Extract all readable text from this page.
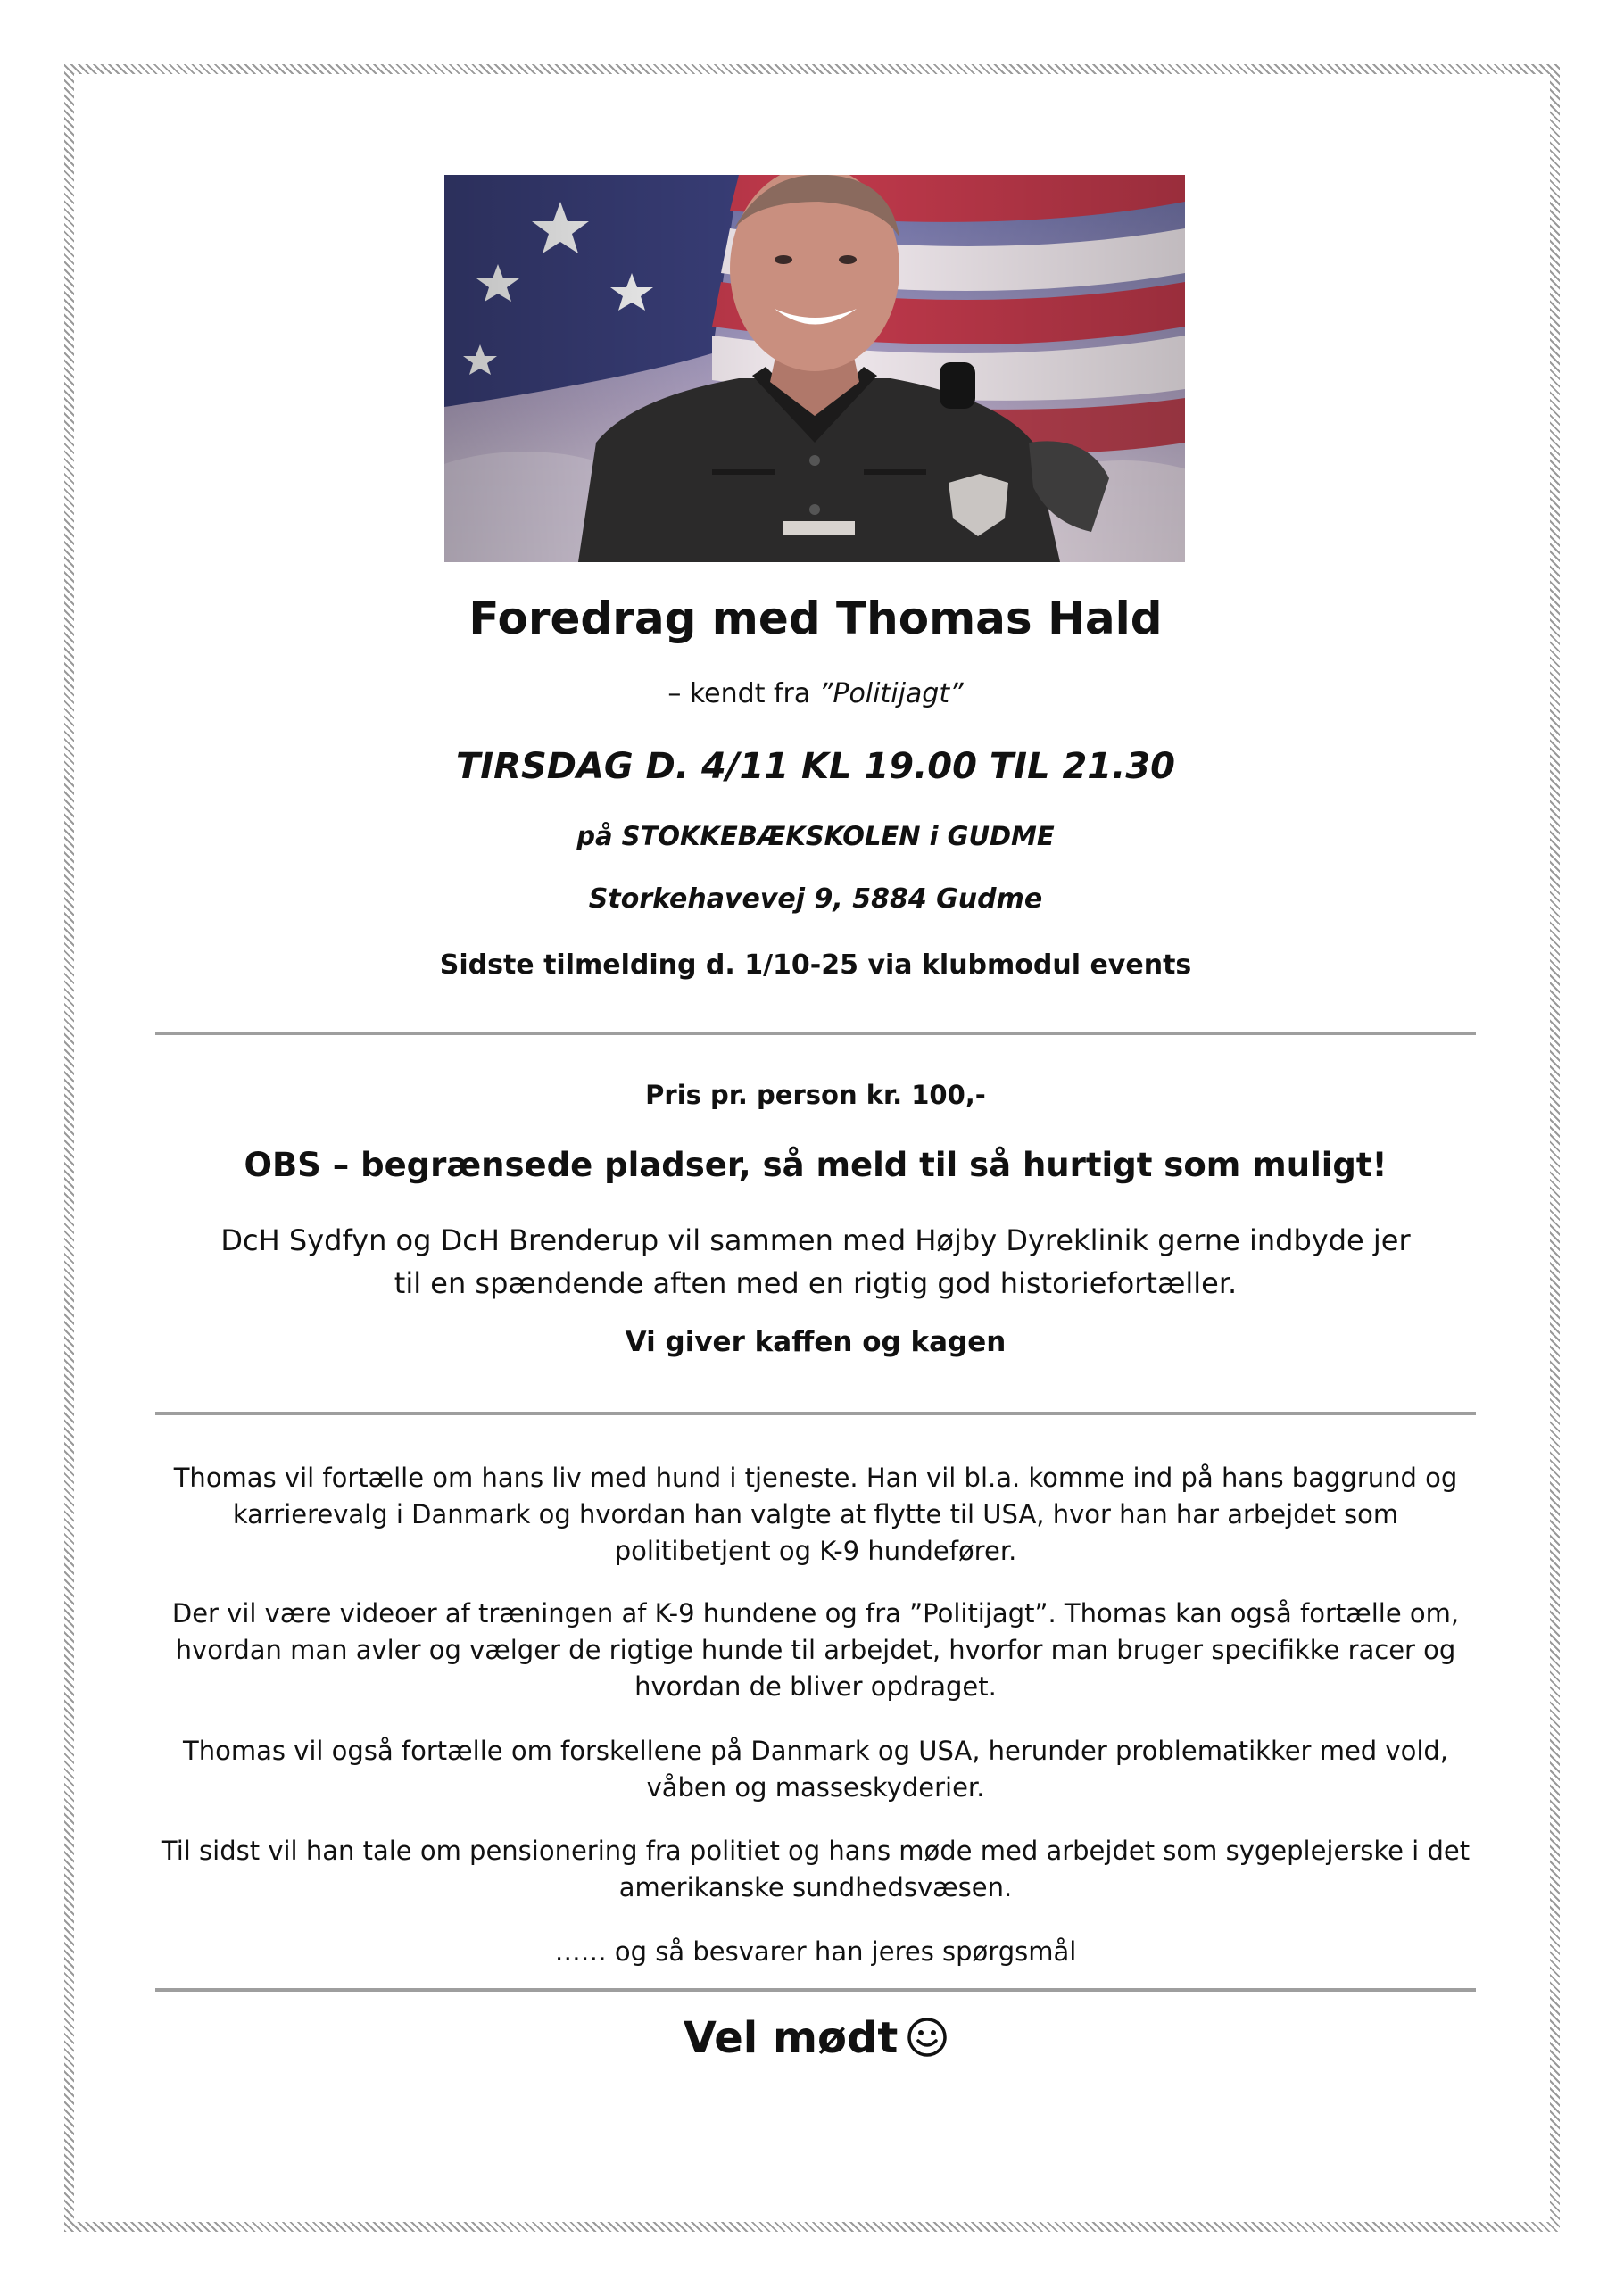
Foredrag med Thomas Hald
– kendt fra ”Politijagt”
TIRSDAG D. 4/11 KL 19.00 TIL 21.30
på STOKKEBÆKSKOLEN i GUDME
Storkehavevej 9, 5884 Gudme
Sidste tilmelding d. 1/10-25 via klubmodul events
Pris pr. person kr. 100,-
OBS – begrænsede pladser, så meld til så hurtigt som muligt!
DcH Sydfyn og DcH Brenderup vil sammen med Højby Dyreklinik gerne indbyde jer til en spændende aften med en rigtig god historiefortæller.
Vi giver kaffen og kagen
Thomas vil fortælle om hans liv med hund i tjeneste. Han vil bl.a. komme ind på hans baggrund og karrierevalg i Danmark og hvordan han valgte at flytte til USA, hvor han har arbejdet som politibetjent og K-9 hundefører.
Der vil være videoer af træningen af K-9 hundene og fra ”Politijagt”. Thomas kan også fortælle om, hvordan man avler og vælger de rigtige hunde til arbejdet, hvorfor man bruger specifikke racer og hvordan de bliver opdraget.
Thomas vil også fortælle om forskellene på Danmark og USA, herunder problematikker med vold, våben og masseskyderier.
Til sidst vil han tale om pensionering fra politiet og hans møde med arbejdet som sygeplejerske i det amerikanske sundhedsvæsen.
…… og så besvarer han jeres spørgsmål
Vel mødt
